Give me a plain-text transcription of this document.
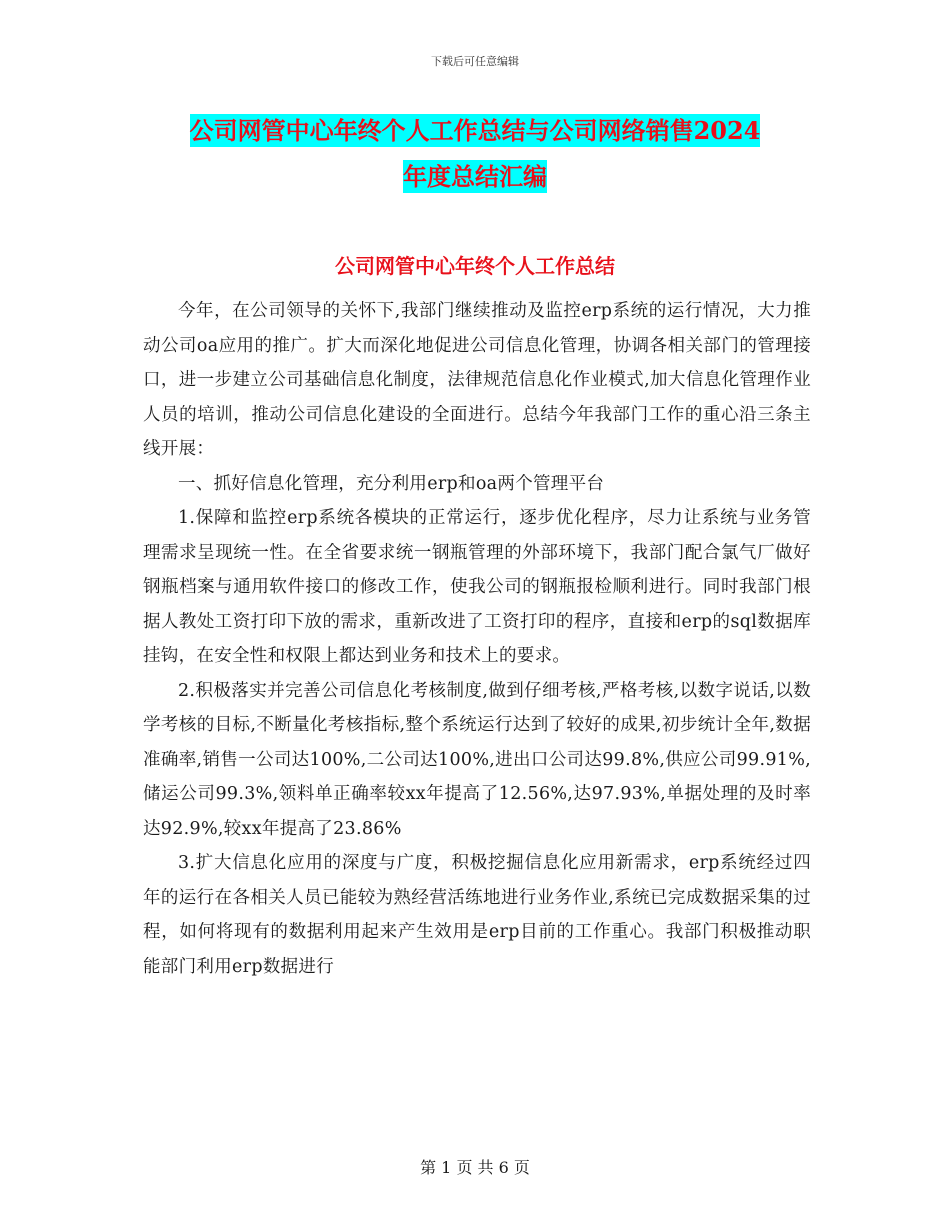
下载后可任意编辑
公司网管中心年终个人工作总结与公司网络销售2024
年度总结汇编
公司网管中心年终个人工作总结

今年，在公司领导的关怀下,我部门继续推动及监控erp系统的运行情况，大力推动公司oa应用的推广。扩大而深化地促进公司信息化管理，协调各相关部门的管理接口，进一步建立公司基础信息化制度，法律规范信息化作业模式,加大信息化管理作业人员的培训，推动公司信息化建设的全面进行。总结今年我部门工作的重心沿三条主线开展：

一、抓好信息化管理，充分利用erp和oa两个管理平台

1.保障和监控erp系统各模块的正常运行，逐步优化程序，尽力让系统与业务管理需求呈现统一性。在全省要求统一钢瓶管理的外部环境下，我部门配合氯气厂做好钢瓶档案与通用软件接口的修改工作，使我公司的钢瓶报检顺利进行。同时我部门根据人教处工资打印下放的需求，重新改进了工资打印的程序，直接和erp的sql数据库挂钩，在安全性和权限上都达到业务和技术上的要求。

2.积极落实并完善公司信息化考核制度,做到仔细考核,严格考核,以数字说话,以数学考核的目标,不断量化考核指标,整个系统运行达到了较好的成果,初步统计全年,数据准确率,销售一公司达100%,二公司达100%,进出口公司达99.8%,供应公司99.91%,储运公司99.3%,领料单正确率较xx年提高了12.56%,达97.93%,单据处理的及时率达92.9%,较xx年提高了23.86%

3.扩大信息化应用的深度与广度，积极挖掘信息化应用新需求，erp系统经过四年的运行在各相关人员已能较为熟经营活练地进行业务作业,系统已完成数据采集的过程，如何将现有的数据利用起来产生效用是erp目前的工作重心。我部门积极推动职能部门利用erp数据进行

第 1 页 共 6 页
